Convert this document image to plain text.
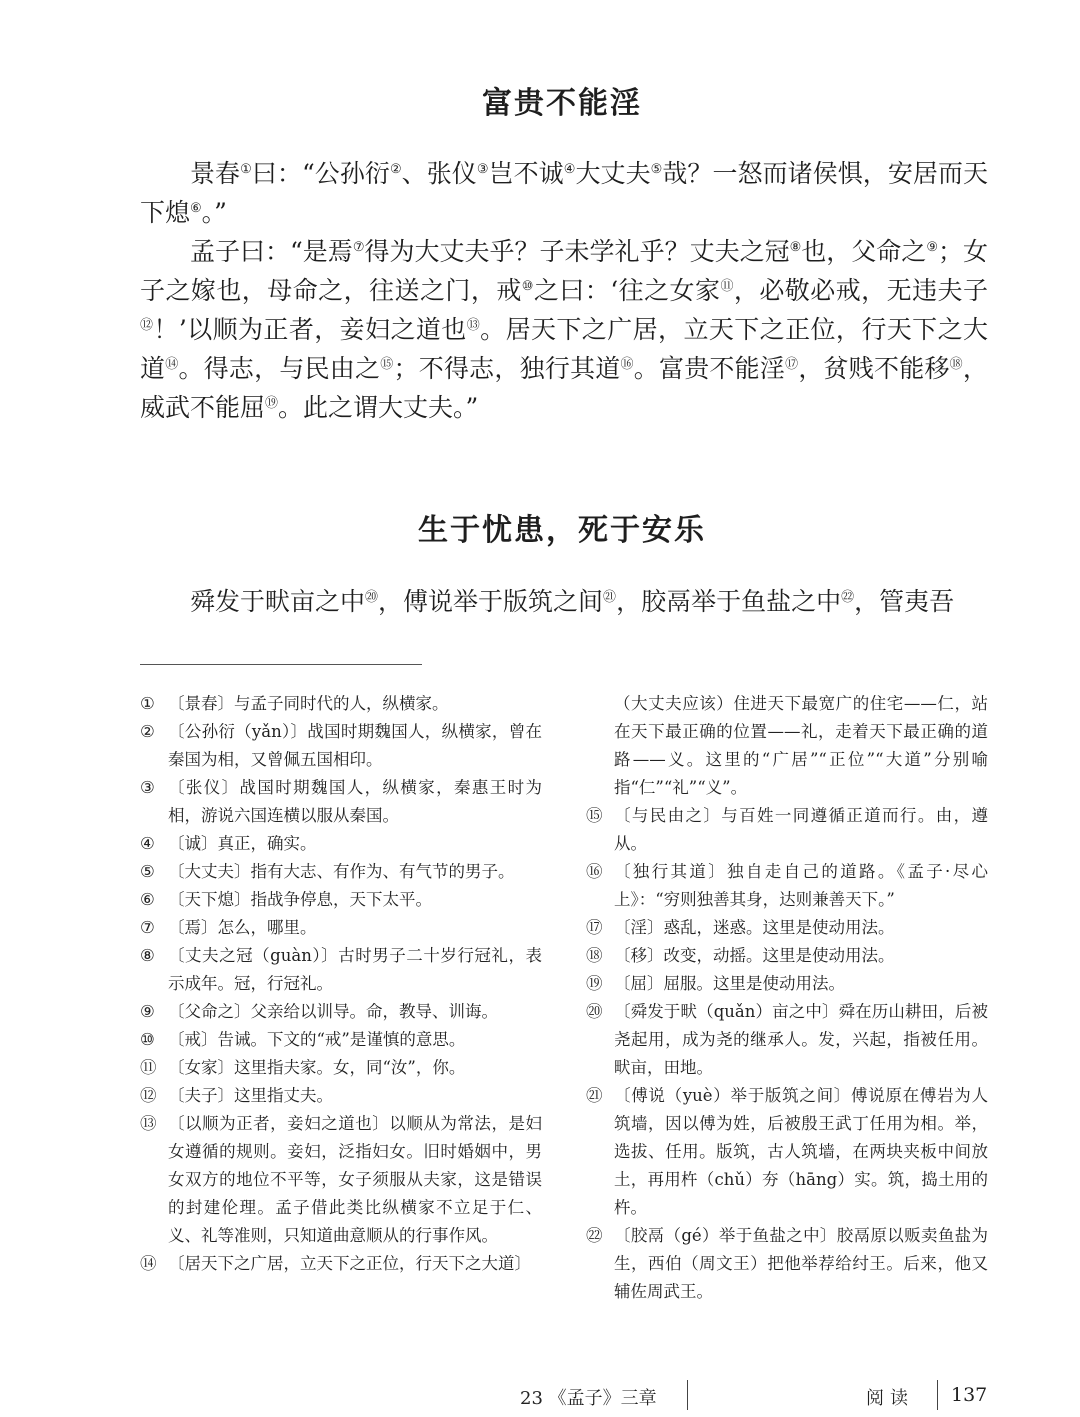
富贵不能淫

景春①曰：“公孙衍②、张仪③岂不诚④大丈夫⑤哉？一怒而诸侯惧，安居而天下熄⑥。”

孟子曰：“是焉⑦得为大丈夫乎？子未学礼乎？丈夫之冠⑧也，父命之⑨；女子之嫁也，母命之，往送之门，戒⑩之曰：‘往之女家⑪，必敬必戒，无违夫子⑫！’以顺为正者，妾妇之道也⑬。居天下之广居，立天下之正位，行天下之大道⑭。得志，与民由之⑮；不得志，独行其道⑯。富贵不能淫⑰，贫贱不能移⑱，威武不能屈⑲。此之谓大丈夫。”

生于忧患，死于安乐

舜发于畎亩之中⑳，傅说举于版筑之间$^㉑$，胶鬲举于鱼盐之中$^㉒$，管夷吾

① 〔景春〕与孟子同时代的人，纵横家。
② 〔公孙衍（yǎn）〕战国时期魏国人，纵横家，曾在秦国为相，又曾佩五国相印。
③ 〔张仪〕战国时期魏国人，纵横家，秦惠王时为相，游说六国连横以服从秦国。
④ 〔诚〕真正，确实。
⑤ 〔大丈夫〕指有大志、有作为、有气节的男子。
⑥ 〔天下熄〕指战争停息，天下太平。
⑦ 〔焉〕怎么，哪里。
⑧ 〔丈夫之冠（guàn）〕古时男子二十岁行冠礼，表示成年。冠，行冠礼。
⑨ 〔父命之〕父亲给以训导。命，教导、训诲。
⑩ 〔戒〕告诫。下文的“戒”是谨慎的意思。
⑪ 〔女家〕这里指夫家。女，同“汝”，你。
⑫ 〔夫子〕这里指丈夫。
⑬ 〔以顺为正者，妾妇之道也〕以顺从为常法，是妇女遵循的规则。妾妇，泛指妇女。旧时婚姻中，男女双方的地位不平等，女子须服从夫家，这是错误的封建伦理。孟子借此类比纵横家不立足于仁、义、礼等准则，只知道曲意顺从的行事作风。
⑭ 〔居天下之广居，立天下之正位，行天下之大道〕

（大丈夫应该）住进天下最宽广的住宅——仁，站在天下最正确的位置——礼，走着天下最正确的道路——义。这里的“广居”“正位”“大道”分别喻指“仁”“礼”“义”。

⑮ 〔与民由之〕与百姓一同遵循正道而行。由，遵从。
⑯ 〔独行其道〕独自走自己的道路。《孟子·尽心上》：“穷则独善其身，达则兼善天下。”
⑰ 〔淫〕惑乱，迷惑。这里是使动用法。
⑱ 〔移〕改变，动摇。这里是使动用法。
⑲ 〔屈〕屈服。这里是使动用法。
⑳ 〔舜发于畎（quǎn）亩之中〕舜在历山耕田，后被尧起用，成为尧的继承人。发，兴起，指被任用。畎亩，田地。
㉑ 〔傅说（yuè）举于版筑之间〕傅说原在傅岩为人筑墙，因以傅为姓，后被殷王武丁任用为相。举，选拔、任用。版筑，古人筑墙，在两块夹板中间放土，再用杵（chǔ）夯（hāng）实。筑，捣土用的杵。
㉒ 〔胶鬲（gé）举于鱼盐之中〕胶鬲原以贩卖鱼盐为生，西伯（周文王）把他举荐给纣王。后来，他又辅佐周武王。
23 《孟子》三章	阅读 137
